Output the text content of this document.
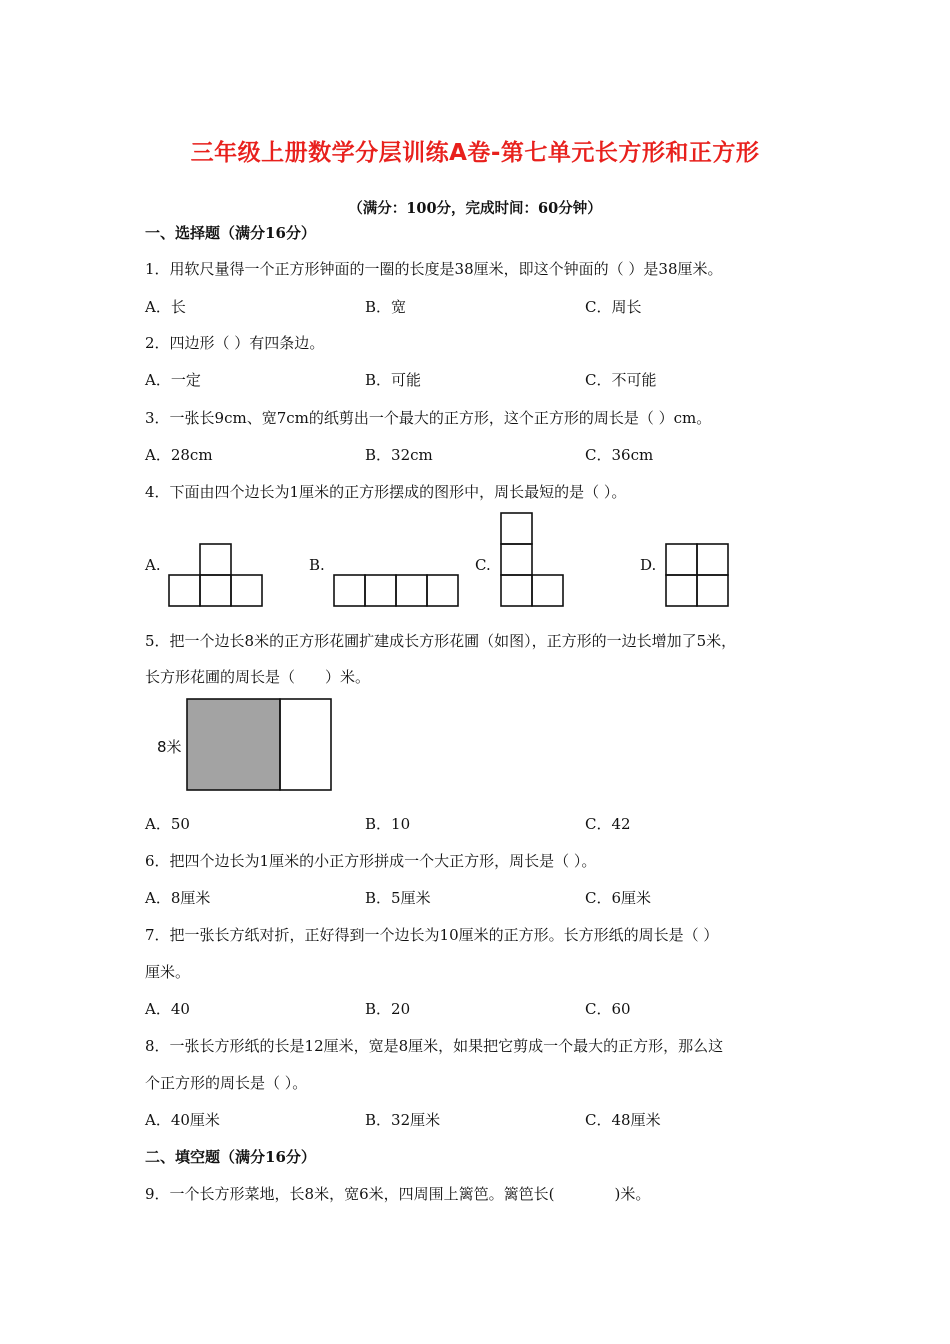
三年级上册数学分层训练A卷-第七单元长方形和正方形
（满分：100分，完成时间：60分钟）
一、选择题（满分16分）
1．用软尺量得一个正方形钟面的一圈的长度是38厘米，即这个钟面的（ ）是38厘米。
A．长	B．宽	C．周长
2．四边形（ ）有四条边。
A．一定	B．可能	C．不可能
3．一张长9cm、宽7cm的纸剪出一个最大的正方形，这个正方形的周长是（ ）cm。
A．28cm	B．32cm	C．36cm
4．下面由四个边长为1厘米的正方形摆成的图形中，周长最短的是（ ）。
A.	B.	C.	D.
5．把一个边长8米的正方形花圃扩建成长方形花圃（如图），正方形的一边长增加了5米，
长方形花圃的周长是（　　）米。
8米
A．50	B．10	C．42
6．把四个边长为1厘米的小正方形拼成一个大正方形，周长是（ ）。
A．8厘米	B．5厘米	C．6厘米
7．把一张长方纸对折，正好得到一个边长为10厘米的正方形。长方形纸的周长是（ ）
厘米。
A．40	B．20	C．60
8．一张长方形纸的长是12厘米，宽是8厘米，如果把它剪成一个最大的正方形，那么这
个正方形的周长是（ ）。
A．40厘米	B．32厘米	C．48厘米
二、填空题（满分16分）
9．一个长方形菜地，长8米，宽6米，四周围上篱笆。篱笆长(　　　　)米。
